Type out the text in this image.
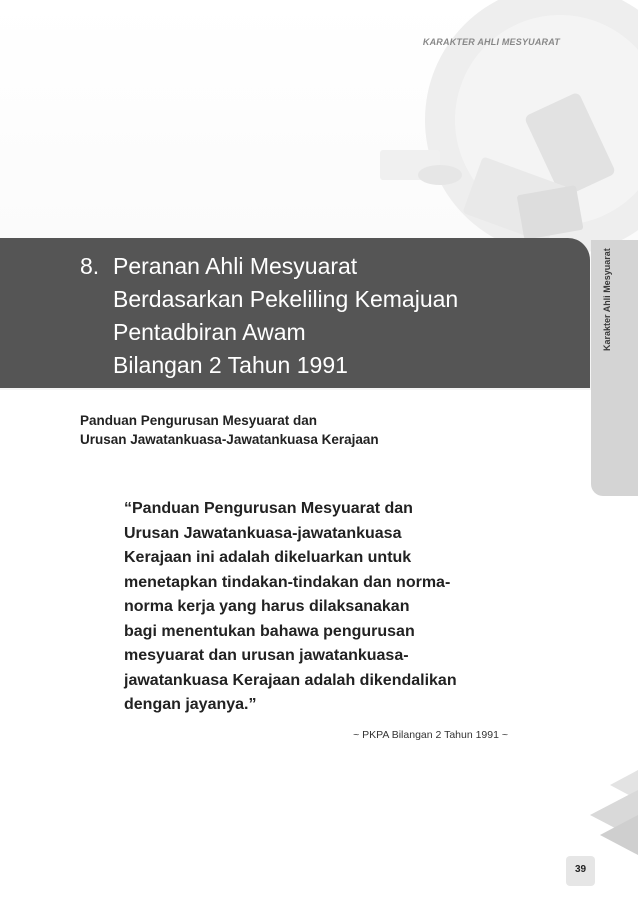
KARAKTER AHLI MESYUARAT
8. Peranan Ahli Mesyuarat
Berdasarkan Pekeliling Kemajuan
Pentadbiran Awam
Bilangan 2 Tahun 1991
Karakter Ahli Mesyuarat
Panduan Pengurusan Mesyuarat dan
Urusan Jawatankuasa-Jawatankuasa Kerajaan
“Panduan Pengurusan Mesyuarat dan
Urusan Jawatankuasa-jawatankuasa
Kerajaan ini adalah dikeluarkan untuk
menetapkan tindakan-tindakan dan norma-
norma kerja yang harus dilaksanakan
bagi menentukan bahawa pengurusan
mesyuarat dan urusan jawatankuasa-
jawatankuasa Kerajaan adalah dikendalikan
dengan jayanya.”
~ PKPA Bilangan 2 Tahun 1991 ~
39
